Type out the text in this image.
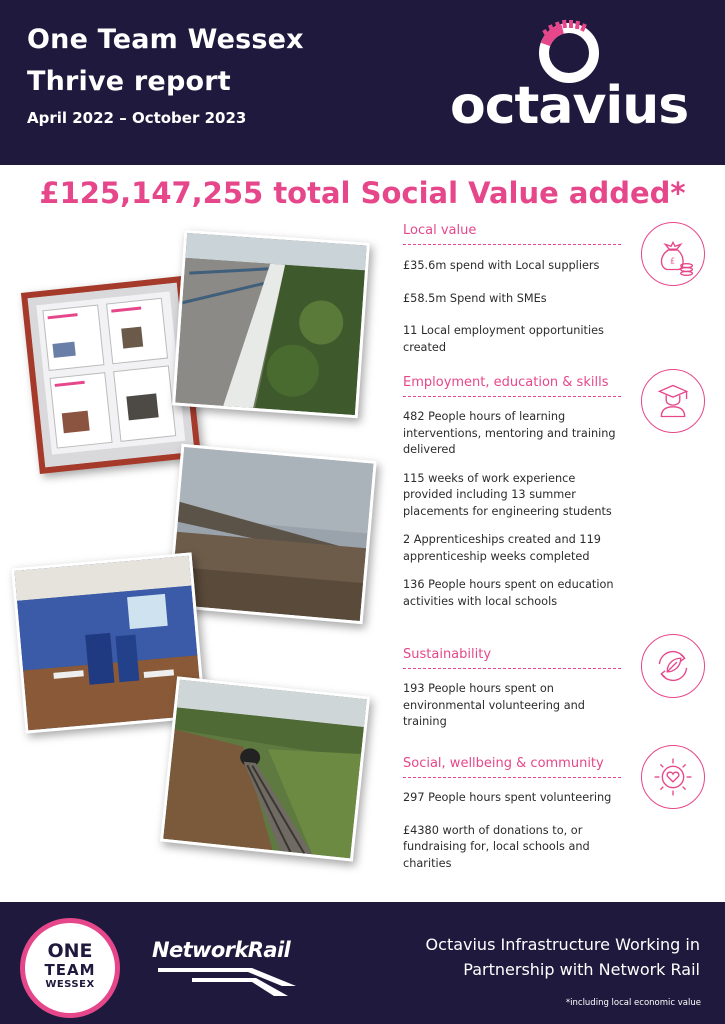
One Team Wessex
Thrive report
April 2022 – October 2023	octavius
£125,147,255 total Social Value added*
Local value
£35.6m spend with Local suppliers
£58.5m Spend with SMEs
11 Local employment opportunities created
£
Employment, education & skills
482 People hours of learning interventions, mentoring and training delivered
115 weeks of work experience provided including 13 summer placements for engineering students
2 Apprenticeships created and 119 apprenticeship weeks completed
136 People hours spent on education activities with local schools
Sustainability
193 People hours spent on environmental volunteering and training
Social, wellbeing & community
297 People hours spent volunteering
£4380 worth of donations to, or fundraising for, local schools and charities
ONE
TEAM
WESSEX
NetworkRail	Octavius Infrastructure Working in
Partnership with Network Rail
*including local economic value
